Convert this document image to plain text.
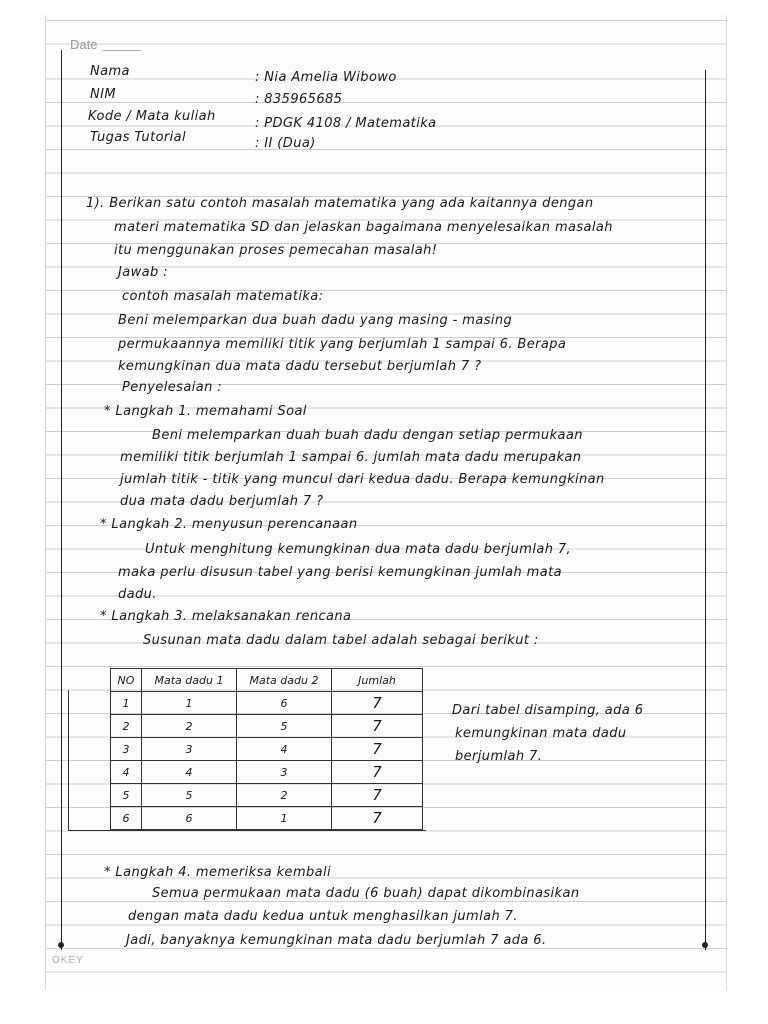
Date
Nama	: Nia Amelia Wibowo
NIM	: 835965685
Kode / Mata kuliah	: PDGK 4108 / Matematika
Tugas Tutorial	: II (Dua)
1). Berikan satu contoh masalah matematika yang ada kaitannya dengan
materi matematika SD dan jelaskan bagaimana menyelesaikan masalah
itu menggunakan proses pemecahan masalah!
Jawab :
contoh masalah matematika:
Beni melemparkan dua buah dadu yang masing - masing
permukaannya memiliki titik yang berjumlah 1 sampai 6. Berapa
kemungkinan dua mata dadu tersebut berjumlah 7 ?
Penyelesaian :
* Langkah 1. memahami Soal
Beni melemparkan duah buah dadu dengan setiap permukaan
memiliki titik berjumlah 1 sampai 6. jumlah mata dadu merupakan
jumlah titik - titik yang muncul dari kedua dadu. Berapa kemungkinan
dua mata dadu berjumlah 7 ?
* Langkah 2. menyusun perencanaan
Untuk menghitung kemungkinan dua mata dadu berjumlah 7,
maka perlu disusun tabel yang berisi kemungkinan jumlah mata
dadu.
* Langkah 3. melaksanakan rencana
Susunan mata dadu dalam tabel adalah sebagai berikut :
NO	Mata dadu 1	Mata dadu 2	Jumlah
1	1	6	7
2	2	5	7
3	3	4	7
4	4	3	7
5	5	2	7
6	6	1	7
Dari tabel disamping, ada 6
kemungkinan mata dadu
berjumlah 7.
* Langkah 4. memeriksa kembali
Semua permukaan mata dadu (6 buah) dapat dikombinasikan
dengan mata dadu kedua untuk menghasilkan jumlah 7.
Jadi, banyaknya kemungkinan mata dadu berjumlah 7 ada 6.
OKEY
